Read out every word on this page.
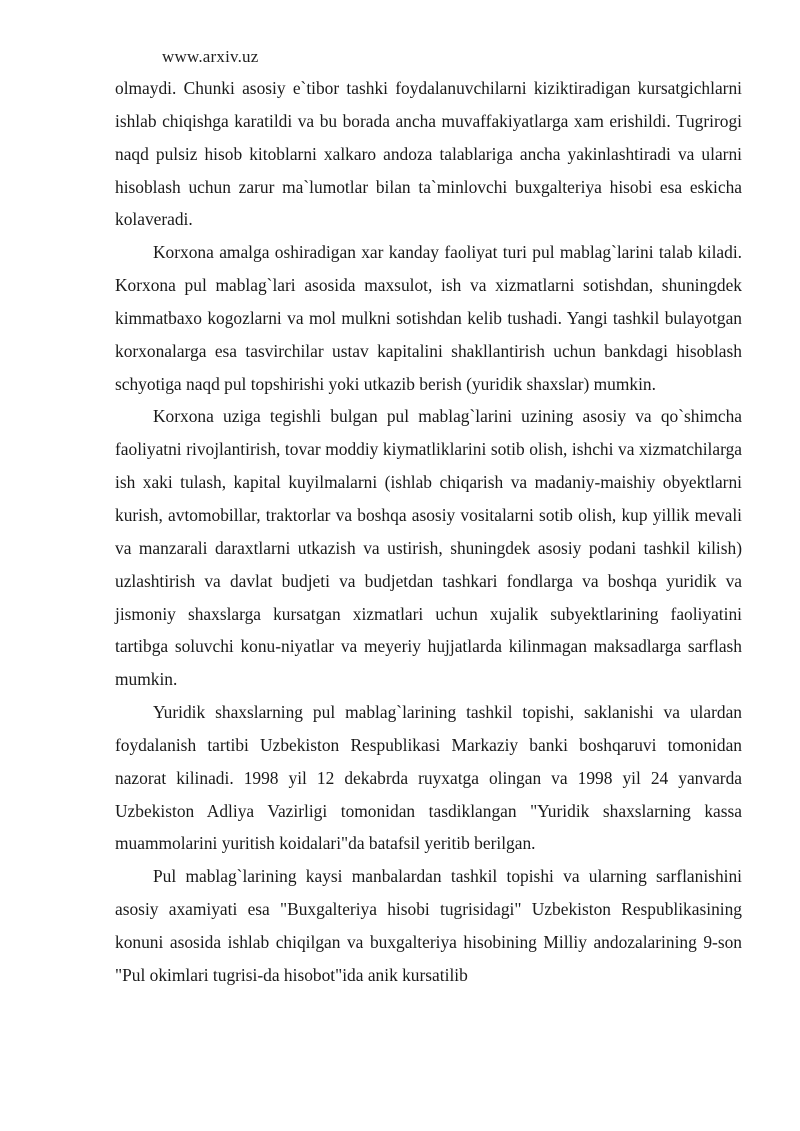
www.arxiv.uz

olmaydi. Chunki asosiy e`tibor tashki foydalanuvchilarni kiziktiradigan kursatgichlarni ishlab chiqishga karatildi va bu borada ancha muvaffakiyatlarga xam erishildi. Tugrirogi naqd pulsiz hisob kitoblarni xalkaro andoza talablariga ancha yakinlashtiradi va ularni hisoblash uchun zarur ma`lumotlar bilan ta`minlovchi buxgalteriya hisobi esa eskicha kolaveradi.

Korxona amalga oshiradigan xar kanday faoliyat turi pul mablag`larini talab kiladi. Korxona pul mablag`lari asosida maxsulot, ish va xizmatlarni sotishdan, shuningdek kimmatbaxo kogozlarni va mol mulkni sotishdan kelib tushadi. Yangi tashkil bulayotgan korxonalarga esa tasvirchilar ustav kapitalini shakllantirish uchun bankdagi hisoblash schyotiga naqd pul topshirishi yoki utkazib berish (yuridik shaxslar) mumkin.

Korxona uziga tegishli bulgan pul mablag`larini uzining asosiy va qo`shimcha faoliyatni rivojlantirish, tovar moddiy kiymatliklarini sotib olish, ishchi va xizmatchilarga ish xaki tulash, kapital kuyilmalarni (ishlab chiqarish va madaniy-maishiy obyektlarni kurish, avtomobillar, traktorlar va boshqa asosiy vositalarni sotib olish, kup yillik mevali va manzarali daraxtlarni utkazish va ustirish, shuningdek asosiy podani tashkil kilish) uzlashtirish va davlat budjeti va budjetdan tashkari fondlarga va boshqa yuridik va jismoniy shaxslarga kursatgan xizmatlari uchun xujalik subyektlarining faoliyatini tartibga soluvchi konu-niyatlar va meyeriy hujjatlarda kilinmagan maksadlarga sarflash mumkin.

Yuridik shaxslarning pul mablag`larining tashkil topishi, saklanishi va ulardan foydalanish tartibi Uzbekiston Respublikasi Markaziy banki boshqaruvi tomonidan nazorat kilinadi. 1998 yil 12 dekabrda ruyxatga olingan va 1998 yil 24 yanvarda Uzbekiston Adliya Vazirligi tomonidan tasdiklangan "Yuridik shaxslarning kassa muammolarini yuritish koidalari"da batafsil yeritib berilgan.

Pul mablag`larining kaysi manbalardan tashkil topishi va ularning sarflanishini asosiy axamiyati esa "Buxgalteriya hisobi tugrisidagi" Uzbekiston Respublikasining konuni asosida ishlab chiqilgan va buxgalteriya hisobining Milliy andozalarining 9-son "Pul okimlari tugrisi-da hisobot"ida anik kursatilib
